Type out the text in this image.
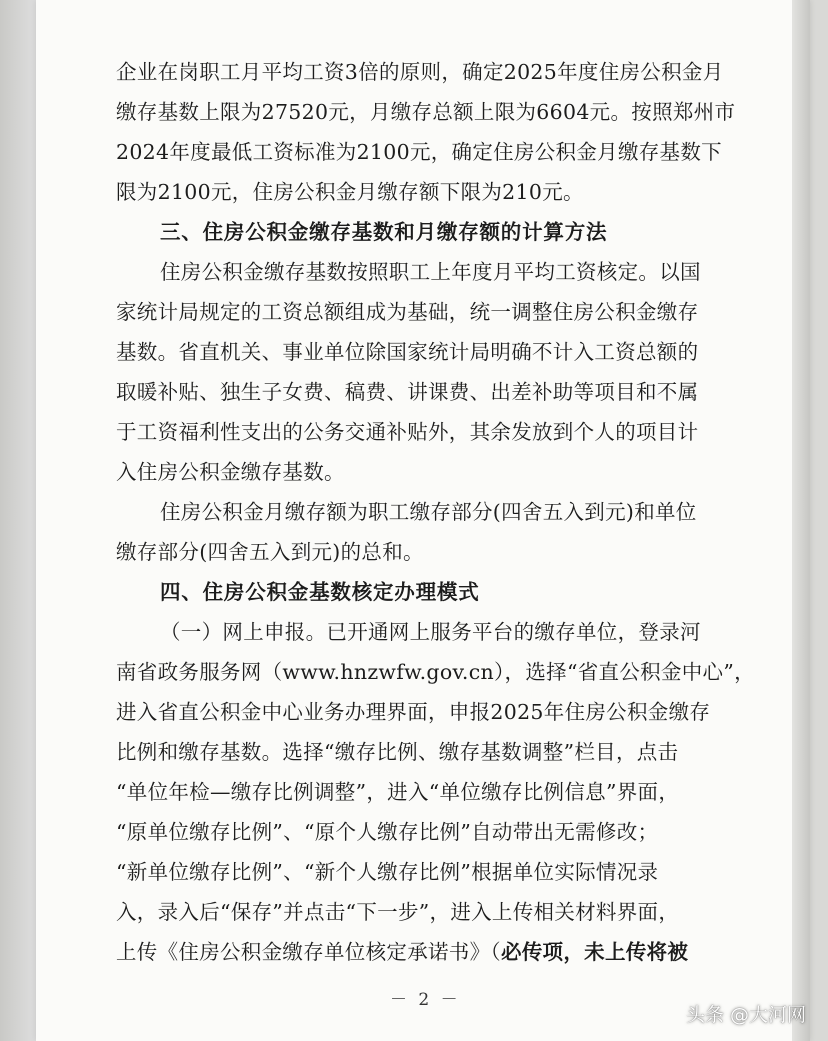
企业在岗职工月平均工资3倍的原则，确定2025年度住房公积金月
缴存基数上限为27520元，月缴存总额上限为6604元。按照郑州市
2024年度最低工资标准为2100元，确定住房公积金月缴存基数下
限为2100元，住房公积金月缴存额下限为210元。
三、住房公积金缴存基数和月缴存额的计算方法
住房公积金缴存基数按照职工上年度月平均工资核定。以国
家统计局规定的工资总额组成为基础，统一调整住房公积金缴存
基数。省直机关、事业单位除国家统计局明确不计入工资总额的
取暖补贴、独生子女费、稿费、讲课费、出差补助等项目和不属
于工资福利性支出的公务交通补贴外，其余发放到个人的项目计
入住房公积金缴存基数。
住房公积金月缴存额为职工缴存部分(四舍五入到元)和单位
缴存部分(四舍五入到元)的总和。
四、住房公积金基数核定办理模式
（一）网上申报。已开通网上服务平台的缴存单位，登录河
南省政务服务网（www.hnzwfw.gov.cn），选择“省直公积金中心”，
进入省直公积金中心业务办理界面，申报2025年住房公积金缴存
比例和缴存基数。选择“缴存比例、缴存基数调整”栏目，点击
“单位年检—缴存比例调整”，进入“单位缴存比例信息”界面，
“原单位缴存比例”、“原个人缴存比例”自动带出无需修改；
“新单位缴存比例”、“新个人缴存比例”根据单位实际情况录
入，录入后“保存”并点击“下一步”，进入上传相关材料界面，
上传《住房公积金缴存单位核定承诺书》（必传项，未上传将被
－ 2 －
头条 @大河网
